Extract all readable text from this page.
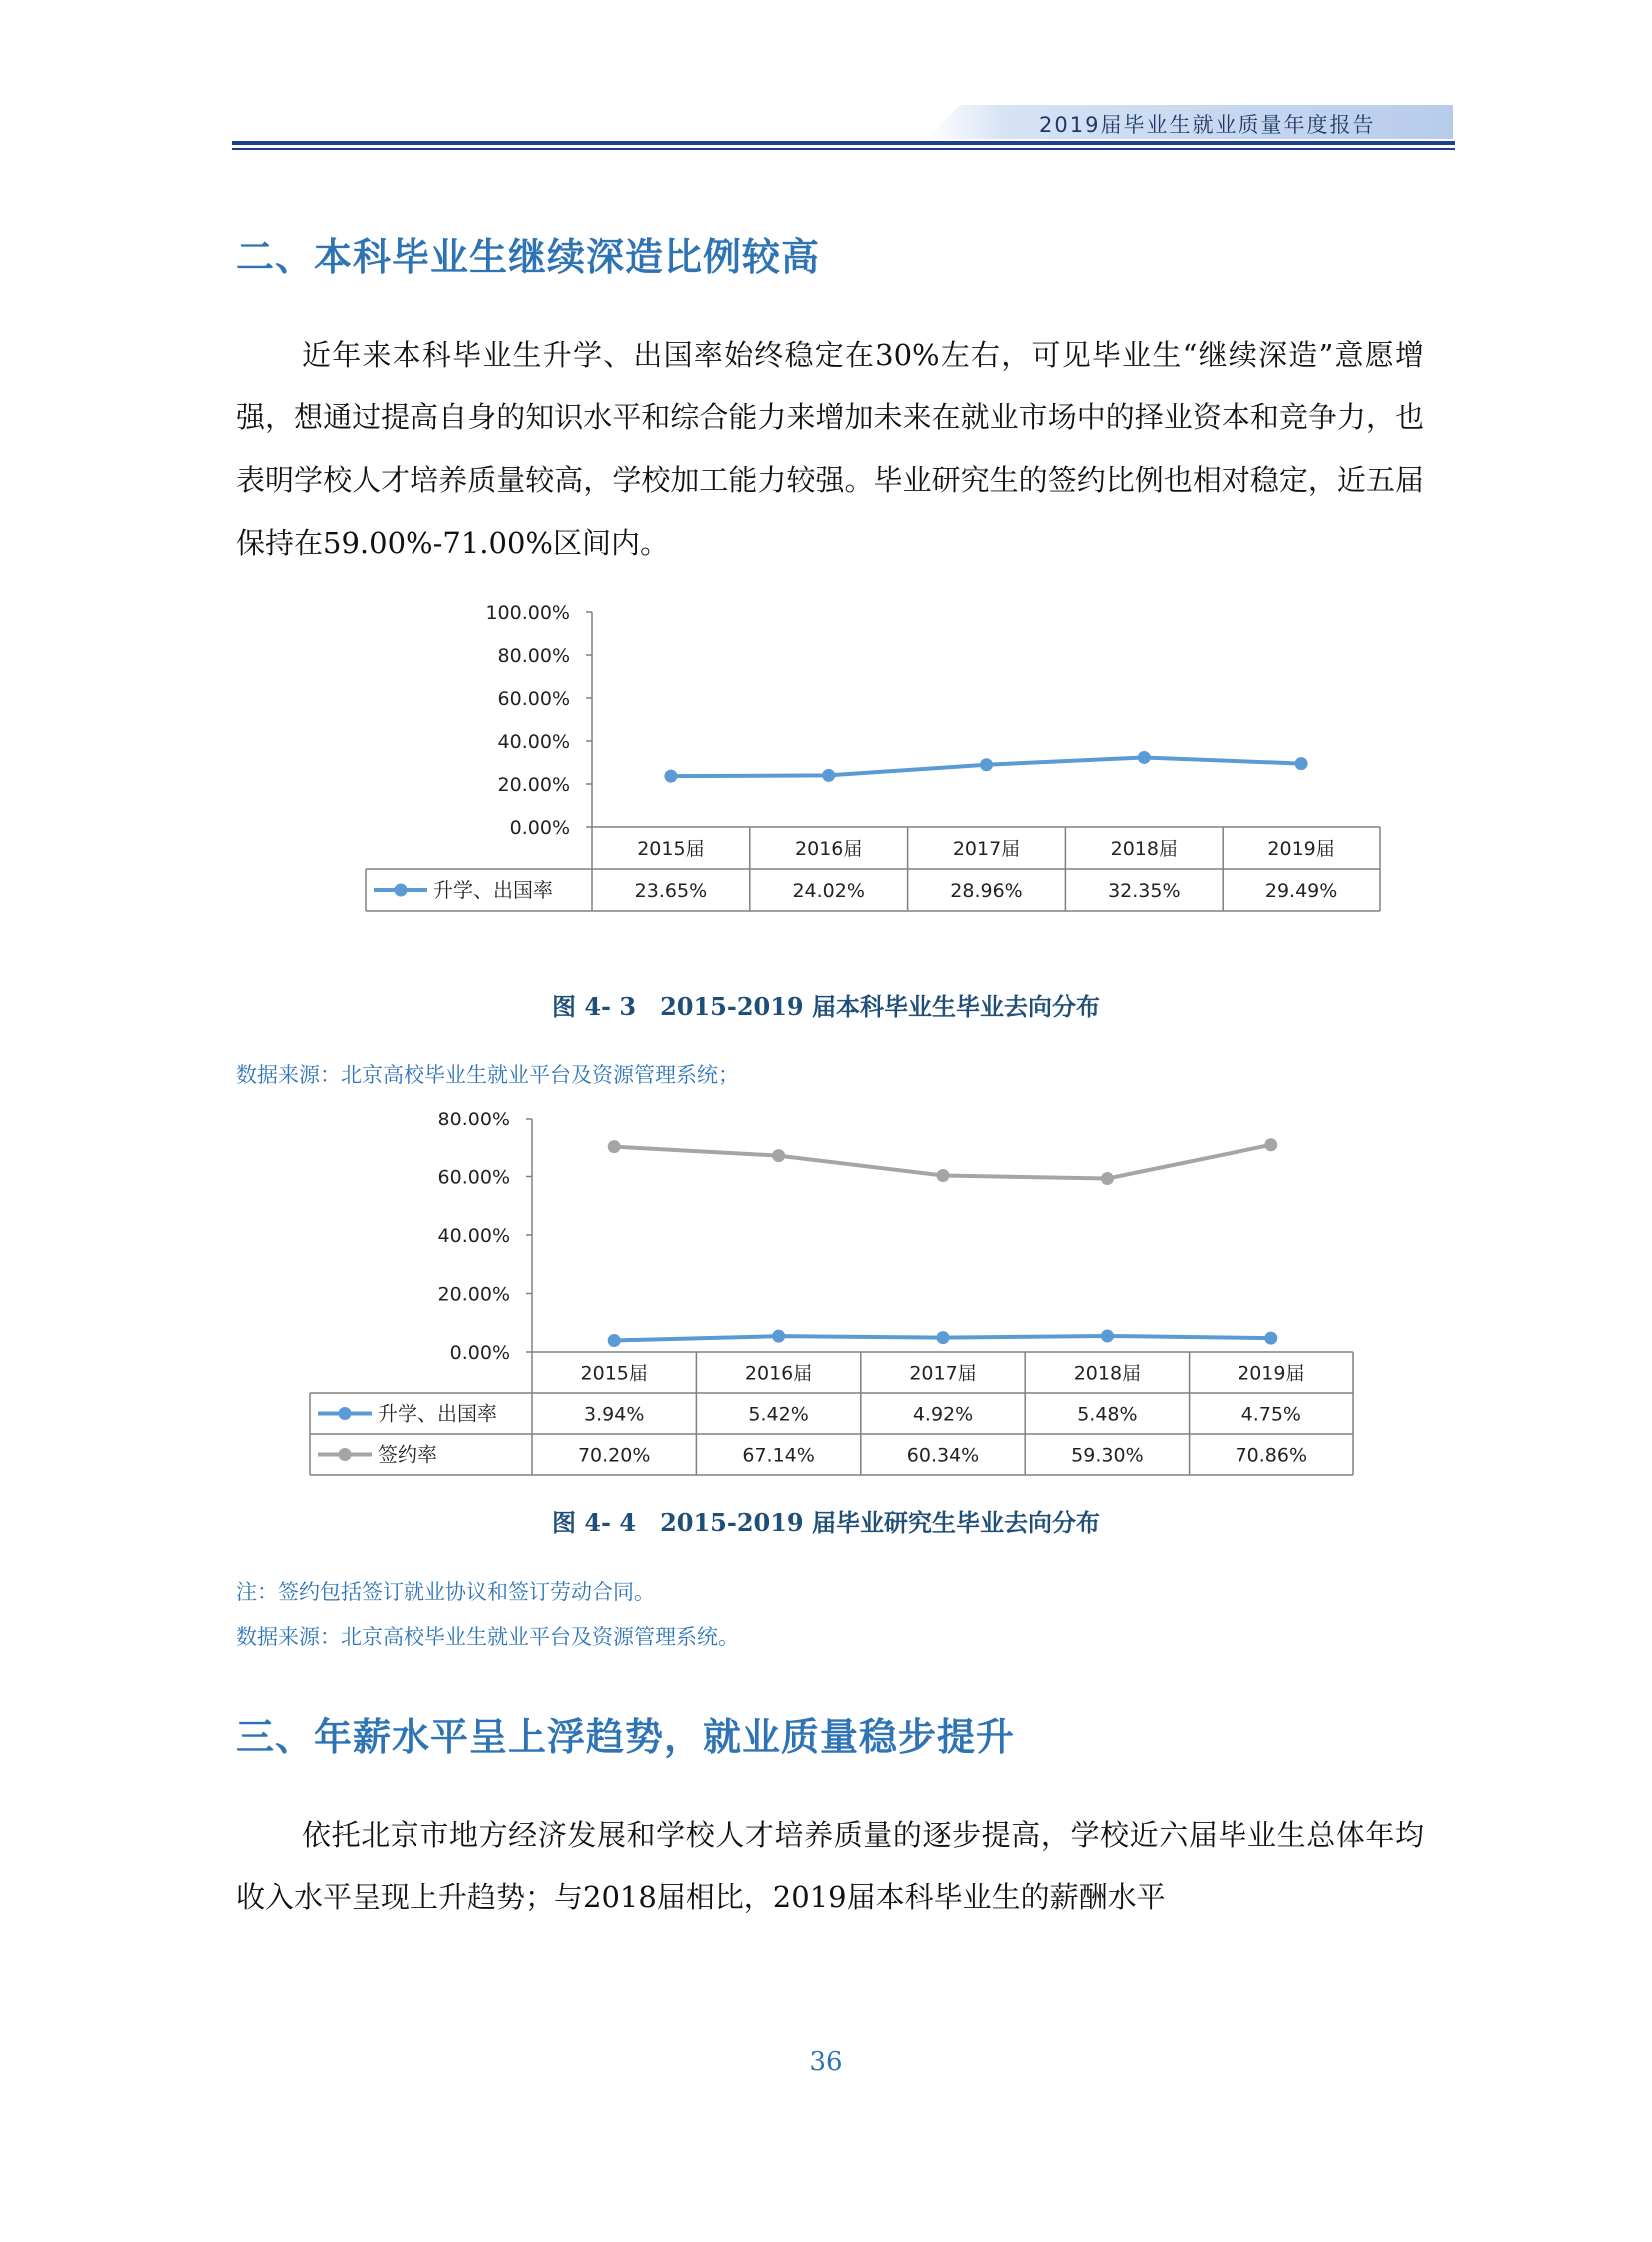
2019届毕业生就业质量年度报告
二、本科毕业生继续深造比例较高

近年来本科毕业生升学、出国率始终稳定在30%左右，可见毕业生“继续深造”意愿增强，想通过提高自身的知识水平和综合能力来增加未来在就业市场中的择业资本和竞争力，也表明学校人才培养质量较高，学校加工能力较强。毕业研究生的签约比例也相对稳定，近五届保持在59.00%-71.00%区间内。

0.00%
20.00%
40.00%
60.00%
80.00%
100.00%
2015届	2016届	2017届	2018届	2019届
升学、出国率	23.65%	24.02%	28.96%	32.35%	29.49%

图 4- 3　2015-2019 届本科毕业生毕业去向分布

数据来源：北京高校毕业生就业平台及资源管理系统；

0.00%
20.00%
40.00%
60.00%
80.00%
2015届	2016届	2017届	2018届	2019届
升学、出国率	3.94%	5.42%	4.92%	5.48%	4.75%
签约率	70.20%	67.14%	60.34%	59.30%	70.86%

图 4- 4　2015-2019 届毕业研究生毕业去向分布

注：签约包括签订就业协议和签订劳动合同。

数据来源：北京高校毕业生就业平台及资源管理系统。

三、年薪水平呈上浮趋势，就业质量稳步提升

依托北京市地方经济发展和学校人才培养质量的逐步提高，学校近六届毕业生总体年均收入水平呈现上升趋势；与2018届相比，2019届本科毕业生的薪酬水平

36
